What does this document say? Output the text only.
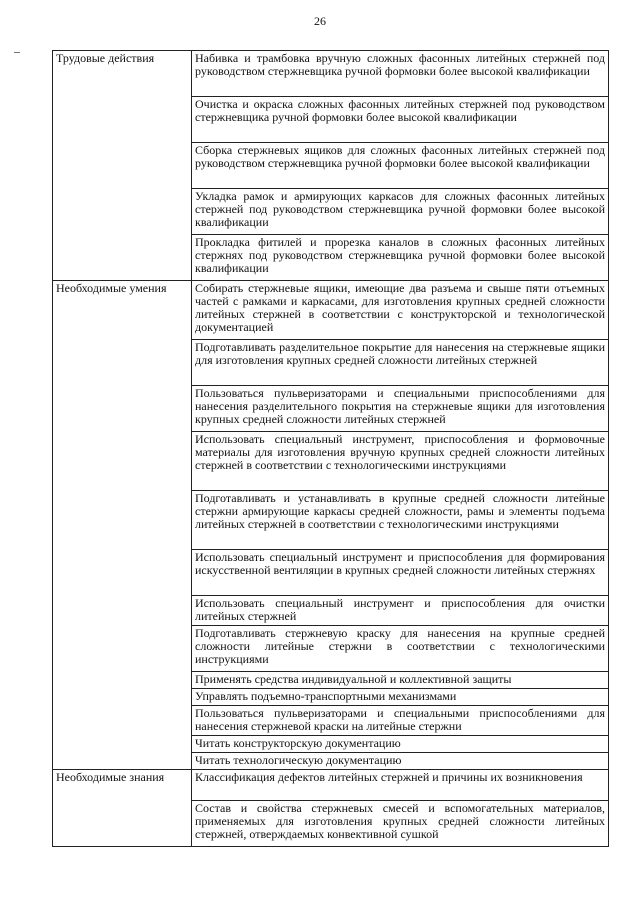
26
Трудовые действия	Набивка и трамбовка вручную сложных фасонных литейных стержней под руководством стержневщика ручной формовки более высокой квалификации
	Очистка и окраска сложных фасонных литейных стержней под руководством стержневщика ручной формовки более высокой квалификации
	Сборка стержневых ящиков для сложных фасонных литейных стержней под руководством стержневщика ручной формовки более высокой квалификации
	Укладка рамок и армирующих каркасов для сложных фасонных литейных стержней под руководством стержневщика ручной формовки более высокой квалификации
	Прокладка фитилей и прорезка каналов в сложных фасонных литейных стержнях под руководством стержневщика ручной формовки более высокой квалификации
Необходимые умения	Собирать стержневые ящики, имеющие два разъема и свыше пяти отъемных частей с рамками и каркасами, для изготовления крупных средней сложности литейных стержней в соответствии с конструкторской и технологической документацией
	Подготавливать разделительное покрытие для нанесения на стержневые ящики для изготовления крупных средней сложности литейных стержней
	Пользоваться пульверизаторами и специальными приспособлениями для нанесения разделительного покрытия на стержневые ящики для изготовления крупных средней сложности литейных стержней
	Использовать специальный инструмент, приспособления и формовочные материалы для изготовления вручную крупных средней сложности литейных стержней в соответствии с технологическими инструкциями
	Подготавливать и устанавливать в крупные средней сложности литейные стержни армирующие каркасы средней сложности, рамы и элементы подъема литейных стержней в соответствии с технологическими инструкциями
	Использовать специальный инструмент и приспособления для формирования искусственной вентиляции в крупных средней сложности литейных стержнях
	Использовать специальный инструмент и приспособления для очистки литейных стержней
	Подготавливать стержневую краску для нанесения на крупные средней сложности литейные стержни в соответствии с технологическими инструкциями
	Применять средства индивидуальной и коллективной защиты
	Управлять подъемно-транспортными механизмами
	Пользоваться пульверизаторами и специальными приспособлениями для нанесения стержневой краски на литейные стержни
	Читать конструкторскую документацию
	Читать технологическую документацию
Необходимые знания	Классификация дефектов литейных стержней и причины их возникновения
	Состав и свойства стержневых смесей и вспомогательных материалов, применяемых для изготовления крупных средней сложности литейных стержней, отверждаемых конвективной сушкой
